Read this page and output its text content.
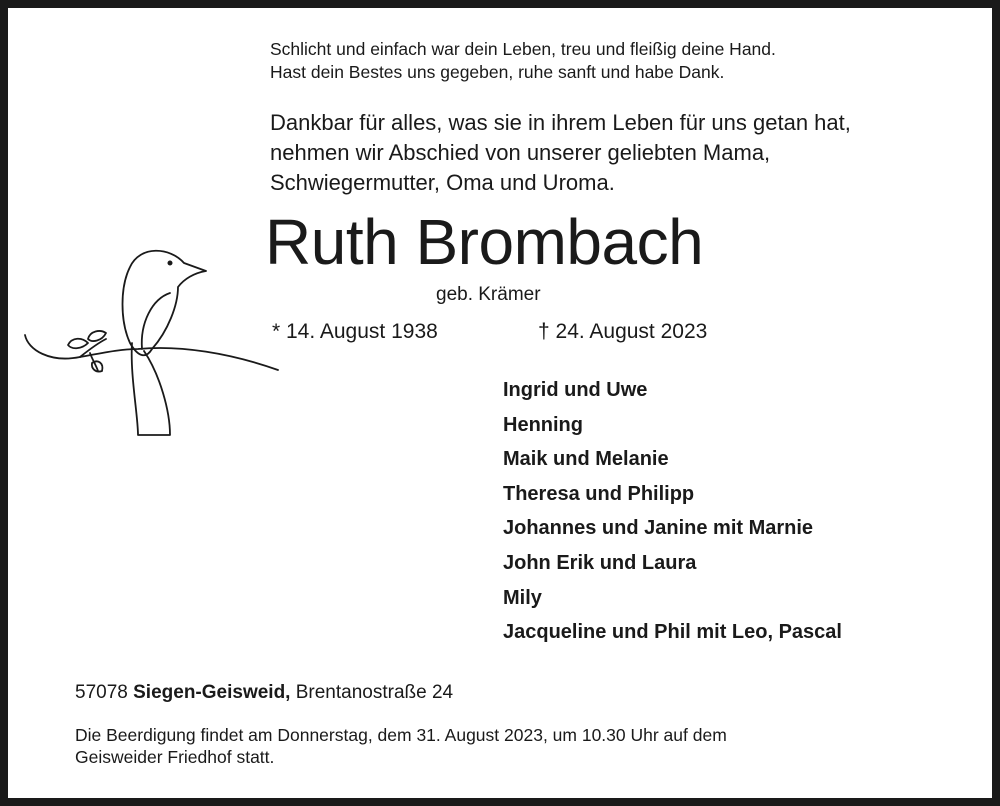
Schlicht und einfach war dein Leben, treu und fleißig deine Hand.
Hast dein Bestes uns gegeben, ruhe sanft und habe Dank.
Dankbar für alles, was sie in ihrem Leben für uns getan hat,
nehmen wir Abschied von unserer geliebten Mama,
Schwiegermutter, Oma und Uroma.
Ruth Brombach
geb. Krämer
* 14. August 1938	† 24. August 2023
Ingrid und Uwe
Henning
Maik und Melanie
Theresa und Philipp
Johannes und Janine mit Marnie
John Erik und Laura
Mily
Jacqueline und Phil mit Leo, Pascal
57078 Siegen-Geisweid, Brentanostraße 24
Die Beerdigung findet am Donnerstag, dem 31. August 2023, um 10.30 Uhr auf dem
Geisweider Friedhof statt.
